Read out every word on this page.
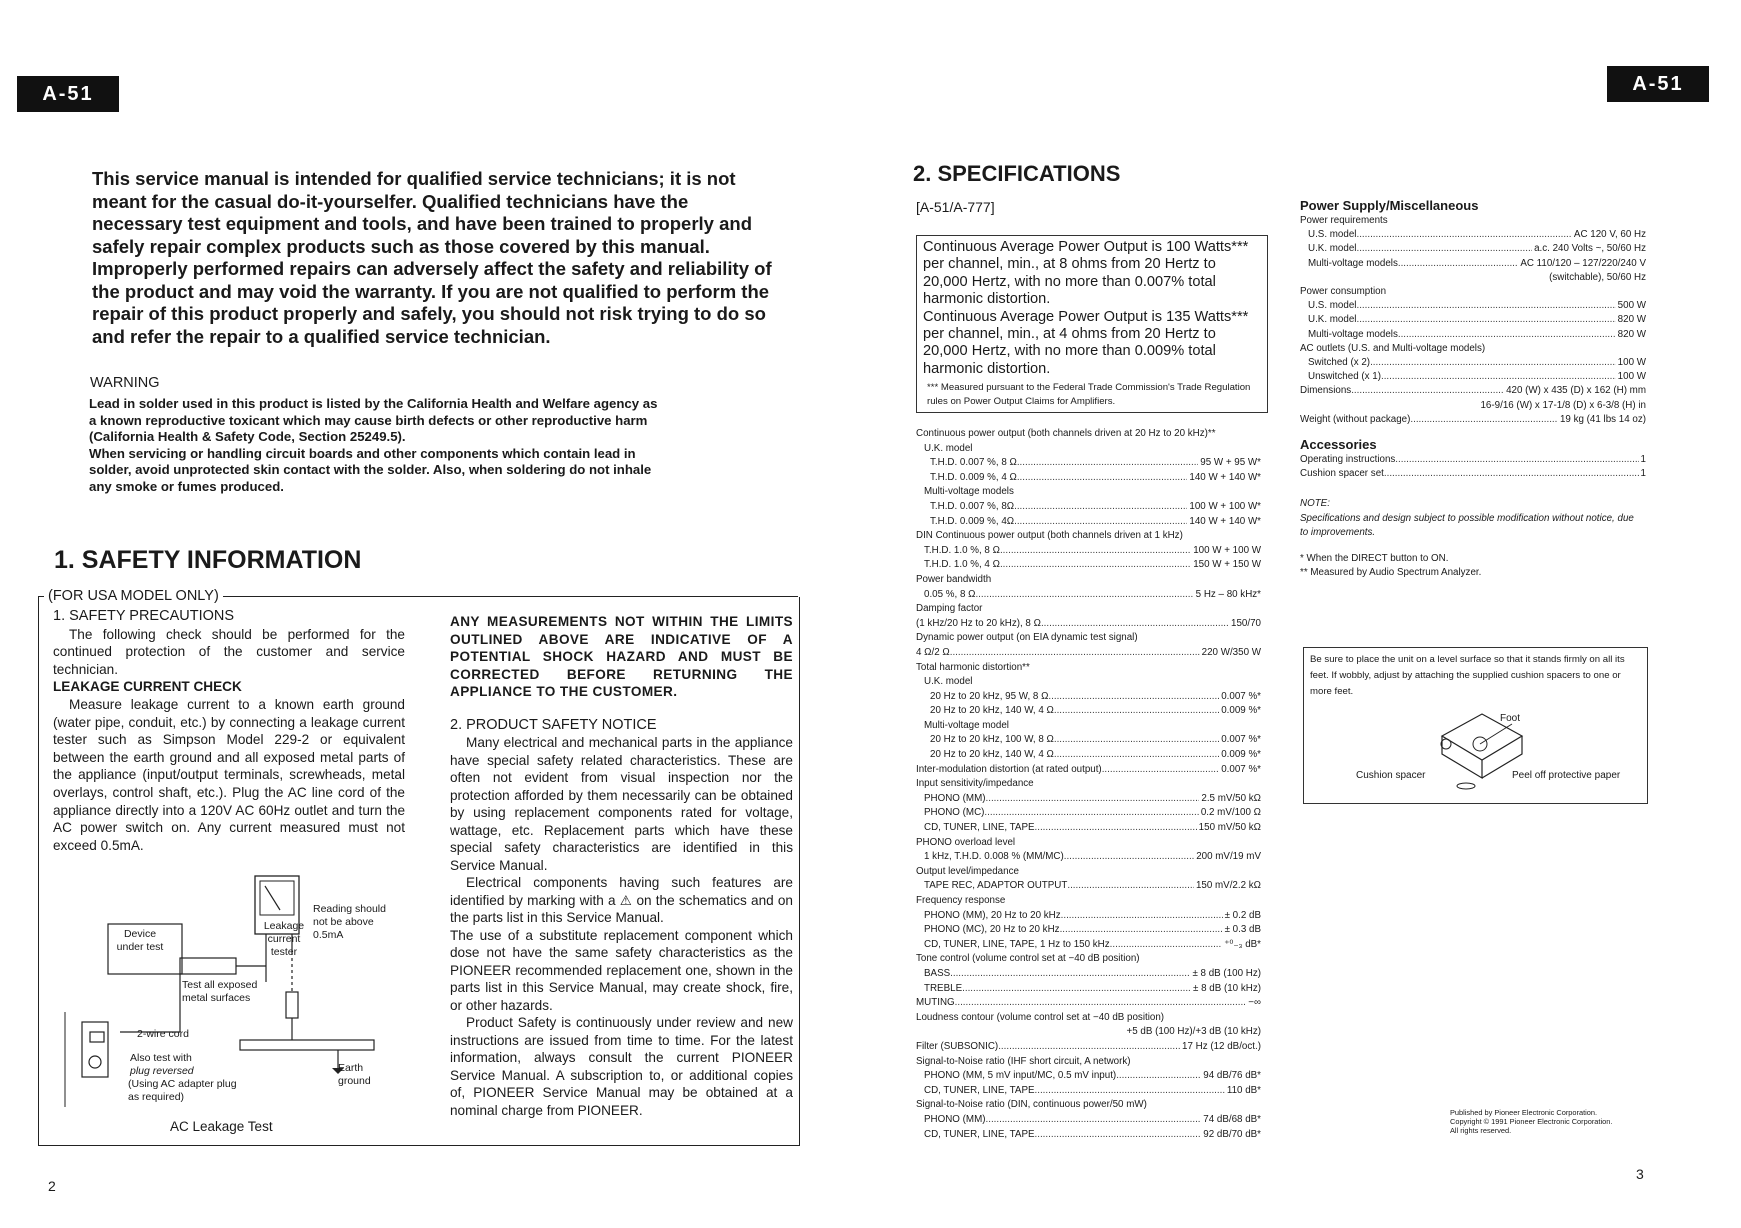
A-51

This service manual is intended for qualified service technicians; it is not meant for the casual do-it-yourselfer. Qualified technicians have the necessary test equipment and tools, and have been trained to properly and safely repair complex products such as those covered by this manual.

Improperly performed repairs can adversely affect the safety and reliability of the product and may void the warranty. If you are not qualified to perform the repair of this product properly and safely, you should not risk trying to do so and refer the repair to a qualified service technician.

WARNING

Lead in solder used in this product is listed by the California Health and Welfare agency as

a known reproductive toxicant which may cause birth defects or other reproductive harm

(California Health & Safety Code, Section 25249.5).

When servicing or handling circuit boards and other components which contain lead in

solder, avoid unprotected skin contact with the solder. Also, when soldering do not inhale

any smoke or fumes produced.

1. SAFETY INFORMATION
(FOR USA MODEL ONLY)
1. SAFETY PRECAUTIONS

The following check should be performed for the continued protection of the customer and service technician.

LEAKAGE CURRENT CHECK

Measure leakage current to a known earth ground (water pipe, conduit, etc.) by connecting a leakage current tester such as Simpson Model 229-2 or equivalent between the earth ground and all exposed metal parts of the appliance (input/output terminals, screwheads, metal overlays, control shaft, etc.). Plug the AC line cord of the appliance directly into a 120V AC 60Hz outlet and turn the AC power switch on. Any current measured must not exceed 0.5mA.

Device under test
Leakage current tester
Reading should not be above 0.5mA
Test all exposed metal surfaces
2-wire cord
Also test with
plug reversed
(Using AC adapter plug as required)
Earth ground
AC Leakage Test

ANY MEASUREMENTS NOT WITHIN THE LIMITS OUTLINED ABOVE ARE INDICATIVE OF A POTENTIAL SHOCK HAZARD AND MUST BE CORRECTED BEFORE RETURNING THE APPLIANCE TO THE CUSTOMER.

2. PRODUCT SAFETY NOTICE

Many electrical and mechanical parts in the appliance have special safety related characteristics. These are often not evident from visual inspection nor the protection afforded by them necessarily can be obtained by using replacement components rated for voltage, wattage, etc. Replacement parts which have these special safety characteristics are identified in this Service Manual.

Electrical components having such features are identified by marking with a ⚠ on the schematics and on the parts list in this Service Manual.

The use of a substitute replacement component which dose not have the same safety characteristics as the PIONEER recommended replacement one, shown in the parts list in this Service Manual, may create shock, fire, or other hazards.

Product Safety is continuously under review and new instructions are issued from time to time. For the latest information, always consult the current PIONEER Service Manual. A subscription to, or additional copies of, PIONEER Service Manual may be obtained at a nominal charge from PIONEER.

2
A-51
2. SPECIFICATIONS
[A-51/A-777]

Continuous Average Power Output is 100 Watts*** per channel, min., at 8 ohms from 20 Hertz to 20,000 Hertz, with no more than 0.007% total harmonic distortion.

Continuous Average Power Output is 135 Watts*** per channel, min., at 4 ohms from 20 Hertz to 20,000 Hertz, with no more than 0.009% total harmonic distortion.

*** Measured pursuant to the Federal Trade Commission's Trade Regulation rules on Power Output Claims for Amplifiers.

Continuous power output (both channels driven at 20 Hz to 20 kHz)**
U.K. model
T.H.D. 0.007 %, 8 Ω .....	95 W + 95 W*
T.H.D. 0.009 %, 4 Ω .....	140 W + 140 W*
Multi-voltage models
T.H.D. 0.007 %, 8Ω .....	100 W + 100 W*
T.H.D. 0.009 %, 4Ω .....	140 W + 140 W*
DIN Continuous power output (both channels driven at 1 kHz)
T.H.D. 1.0 %, 8 Ω .....	100 W + 100 W
T.H.D. 1.0 %, 4 Ω .....	150 W + 150 W
Power bandwidth
0.05 %, 8 Ω .....	5 Hz – 80 kHz*
Damping factor
(1 kHz/20 Hz to 20 kHz), 8 Ω .....	150/70
Dynamic power output (on EIA dynamic test signal)
4 Ω/2 Ω .....	220 W/350 W
Total harmonic distortion**
U.K. model
20 Hz to 20 kHz, 95 W, 8 Ω .....	0.007 %*
20 Hz to 20 kHz, 140 W, 4 Ω .....	0.009 %*
Multi-voltage model
20 Hz to 20 kHz, 100 W, 8 Ω .....	0.007 %*
20 Hz to 20 kHz, 140 W, 4 Ω .....	0.009 %*
Inter-modulation distortion (at rated output) .....	0.007 %*
Input sensitivity/impedance
PHONO (MM) .....	2.5 mV/50 kΩ
PHONO (MC) .....	0.2 mV/100 Ω
CD, TUNER, LINE, TAPE .....	150 mV/50 kΩ
PHONO overload level
1 kHz, T.H.D. 0.008 % (MM/MC) .....	200 mV/19 mV
Output level/impedance
TAPE REC, ADAPTOR OUTPUT .....	150 mV/2.2 kΩ
Frequency response
PHONO (MM), 20 Hz to 20 kHz .....	± 0.2 dB
PHONO (MC), 20 Hz to 20 kHz .....	± 0.3 dB
CD, TUNER, LINE, TAPE, 1 Hz to 150 kHz .....	⁺⁰₋₃ dB*
Tone control (volume control set at −40 dB position)
BASS .....	± 8 dB (100 Hz)
TREBLE .....	± 8 dB (10 kHz)
MUTING .....	−∞
Loudness contour (volume control set at −40 dB position)
+5 dB (100 Hz)/+3 dB (10 kHz)
Filter (SUBSONIC) .....	17 Hz (12 dB/oct.)
Signal-to-Noise ratio (IHF short circuit, A network)
PHONO (MM, 5 mV input/MC, 0.5 mV input) .....	94 dB/76 dB*
CD, TUNER, LINE, TAPE .....	110 dB*
Signal-to-Noise ratio (DIN, continuous power/50 mW)
PHONO (MM) .....	74 dB/68 dB*
CD, TUNER, LINE, TAPE .....	92 dB/70 dB*
Power Supply/Miscellaneous
Power requirements
U.S. model .....	AC 120 V, 60 Hz
U.K. model .....	a.c. 240 Volts ~, 50/60 Hz
Multi-voltage models .....	AC 110/120 – 127/220/240 V
(switchable), 50/60 Hz
Power consumption
U.S. model .....	500 W
U.K. model .....	820 W
Multi-voltage models .....	820 W
AC outlets (U.S. and Multi-voltage models)
Switched (x 2) .....	100 W
Unswitched (x 1) .....	100 W
Dimensions .....	420 (W) x 435 (D) x 162 (H) mm
16-9/16 (W) x 17-1/8 (D) x 6-3/8 (H) in
Weight (without package) .....	19 kg (41 lbs 14 oz)
Accessories
Operating instructions .....	1
Cushion spacer set .....	1
NOTE:
Specifications and design subject to possible modification without notice, due to improvements.
* When the DIRECT button to ON.
** Measured by Audio Spectrum Analyzer.
Be sure to place the unit on a level surface so that it stands firmly on all its feet. If wobbly, adjust by attaching the supplied cushion spacers to one or more feet.
Foot
Cushion spacer	Peel off protective paper
Published by Pioneer Electronic Corporation.
Copyright © 1991 Pioneer Electronic Corporation.
All rights reserved.
3
